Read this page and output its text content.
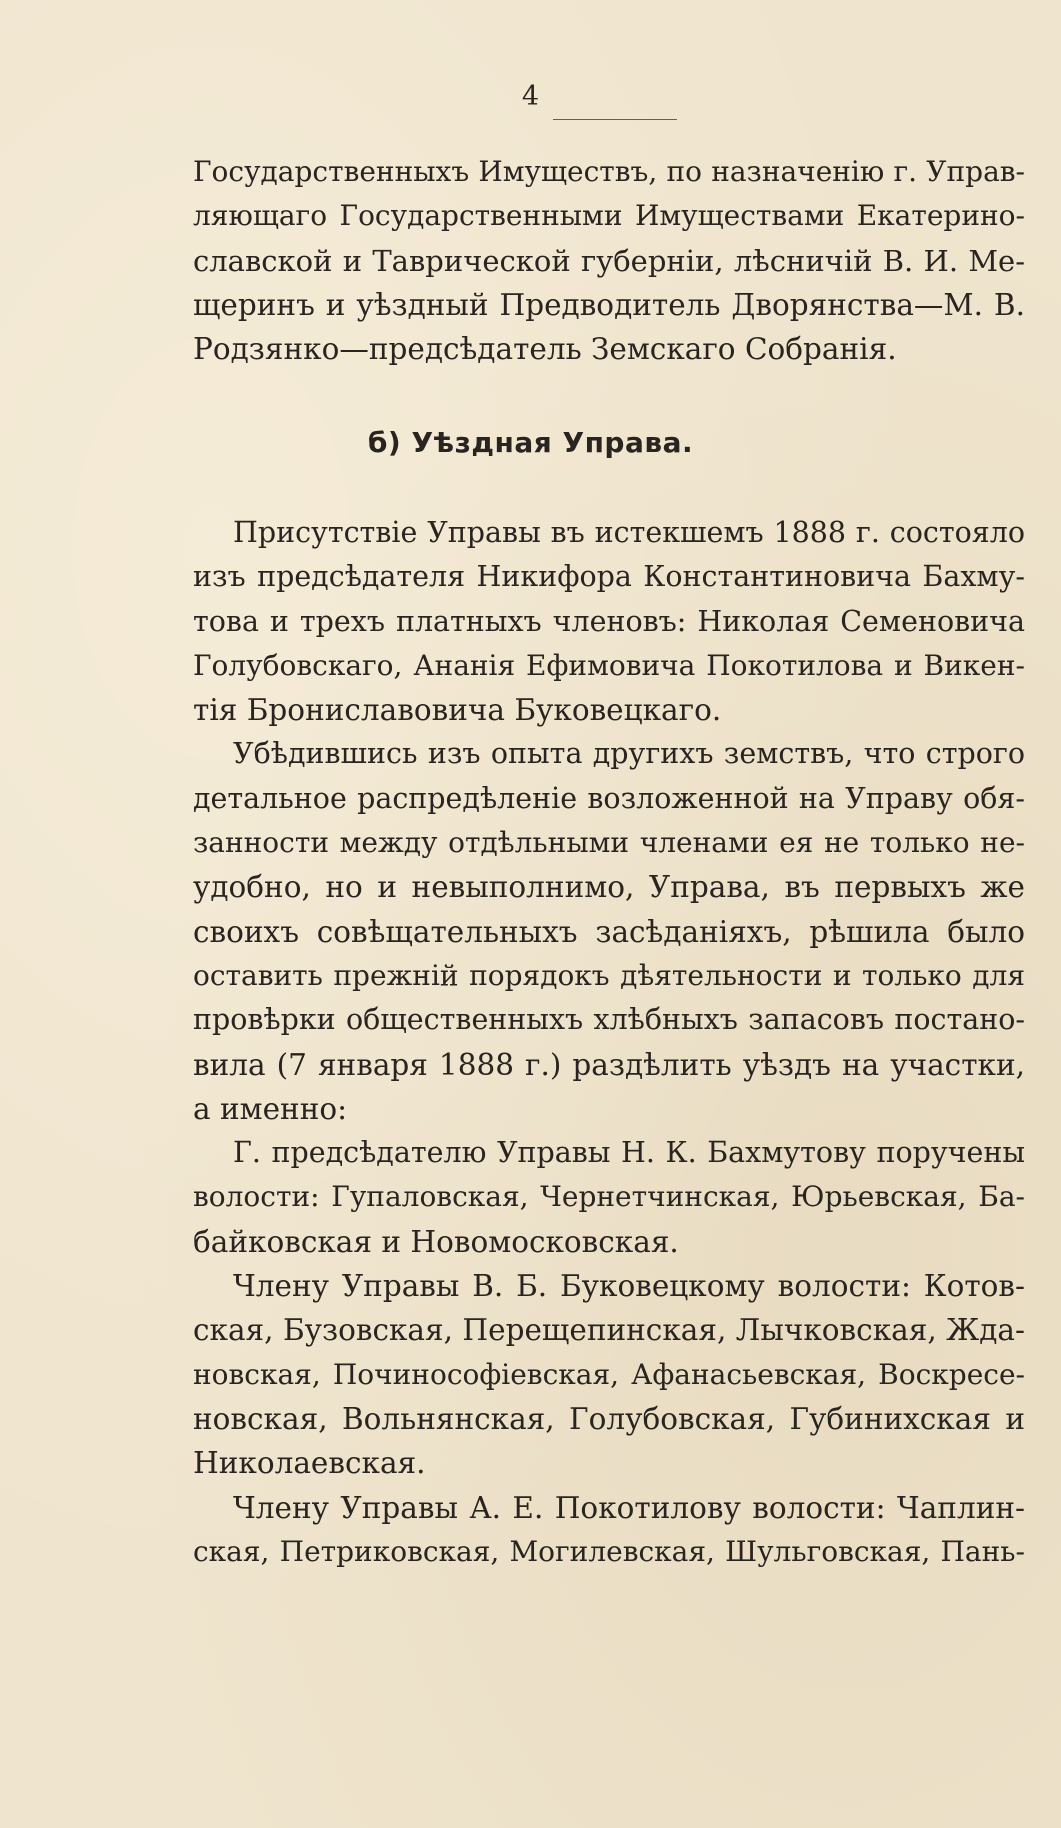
4
Государственныхъ Имуществъ, по назначенію г. Управ-
ляющаго Государственными Имуществами Екатерино-
славской и Таврической губерніи, лѣсничій В. И. Ме-
щеринъ и уѣздный Предводитель Дворянства—М. В.
Родзянко—предсѣдатель Земскаго Собранія.
б) Уѣздная Управа.
Присутствіе Управы въ истекшемъ 1888 г. состояло
изъ предсѣдателя Никифора Константиновича Бахму-
това и трехъ платныхъ членовъ: Николая Семеновича
Голубовскаго, Ананія Ефимовича Покотилова и Викен-
тія Брониславовича Буковецкаго.
Убѣдившись изъ опыта другихъ земствъ, что строго
детальное распредѣленіе возложенной на Управу обя-
занности между отдѣльными членами ея не только не-
удобно, но и невыполнимо, Управа, въ первыхъ же
своихъ совѣщательныхъ засѣданіяхъ, рѣшила было
оставить прежній порядокъ дѣятельности и только для
провѣрки общественныхъ хлѣбныхъ запасовъ постано-
вила (7 января 1888 г.) раздѣлить уѣздъ на участки,
а именно:
Г. предсѣдателю Управы Н. К. Бахмутову поручены
волости: Гупаловская, Чернетчинская, Юрьевская, Ба-
байковская и Новомосковская.
Члену Управы В. Б. Буковецкому волости: Котов-
ская, Бузовская, Перещепинская, Лычковская, Жда-
новская, Починософіевская, Афанасьевская, Воскресе-
новская, Вольнянская, Голубовская, Губинихская и
Николаевская.
Члену Управы А. Е. Покотилову волости: Чаплин-
ская, Петриковская, Могилевская, Шульговская, Пань-
